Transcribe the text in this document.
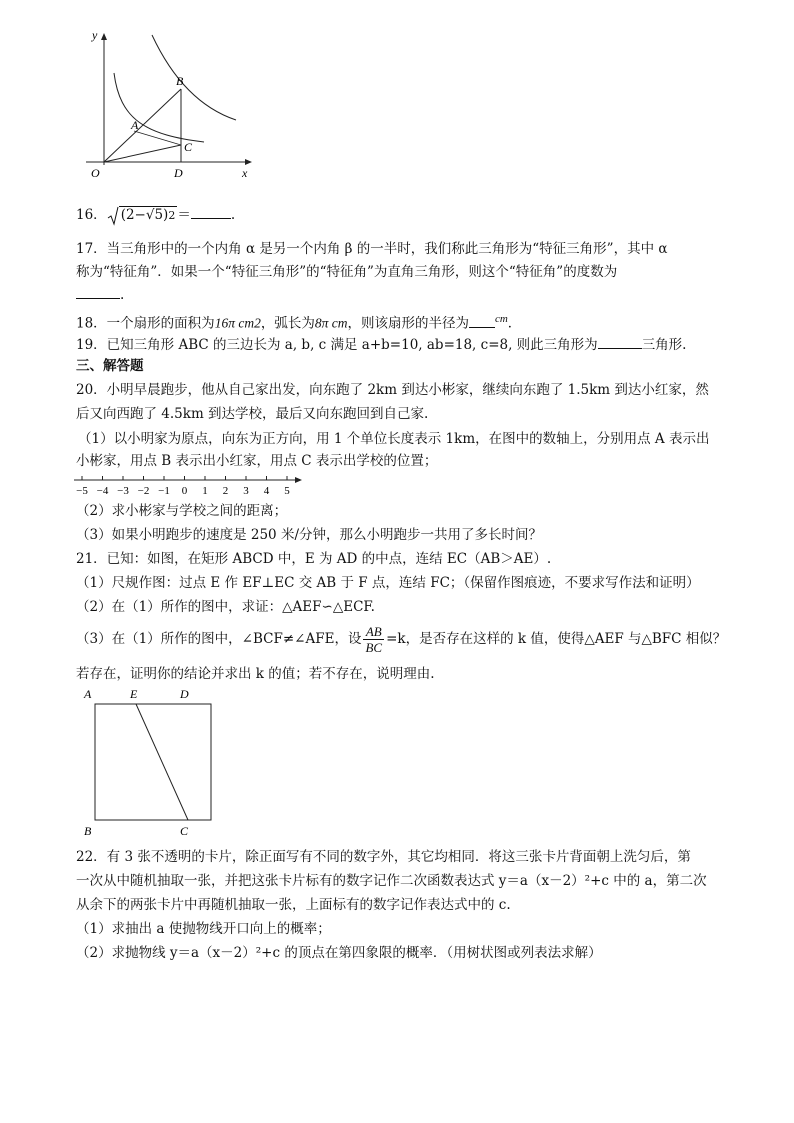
y
x
O
A
B
C
D
16． (2−√5)2 ＝	.
17．当三角形中的一个内角 α 是另一个内角 β 的一半时，我们称此三角形为“特征三角形”，其中 α
称为“特征角”．如果一个“特征三角形”的“特征角”为直角三角形，则这个“特征角”的度数为
.
18．一个扇形的面积为16π cm2，弧长为8π cm，则该扇形的半径为 $^{cm}$．
19．已知三角形 ABC 的三边长为 a, b, c 满足 a+b=10, ab=18, c=8, 则此三角形为	三角形.
三、解答题
20．小明早晨跑步，他从自己家出发，向东跑了 2km 到达小彬家，继续向东跑了 1.5km 到达小红家，然
后又向西跑了 4.5km 到达学校，最后又向东跑回到自己家.
（1）以小明家为原点，向东为正方向，用 1 个单位长度表示 1km，在图中的数轴上，分别用点 A 表示出
小彬家，用点 B 表示出小红家，用点 C 表示出学校的位置；
−5 −4 −3 −2 −1 0 1 2 3 4 5
（2）求小彬家与学校之间的距离；
（3）如果小明跑步的速度是 250 米/分钟，那么小明跑步一共用了多长时间？
21．已知：如图，在矩形 ABCD 中，E 为 AD 的中点，连结 EC（AB＞AE）.
（1）尺规作图：过点 E 作 EF⊥EC 交 AB 于 F 点，连结 FC；（保留作图痕迹，不要求写作法和证明）
（2）在（1）所作的图中，求证：△AEF∽△ECF.
（3）在（1）所作的图中，∠BCF≠∠AFE，设 $\frac{AB}{BC} =k$，是否存在这样的 k 值，使得△AEF 与△BFC 相似？
若存在，证明你的结论并求出 k 的值；若不存在，说明理由.
A	E	D
B	C
22．有 3 张不透明的卡片，除正面写有不同的数字外，其它均相同．将这三张卡片背面朝上洗匀后，第
一次从中随机抽取一张，并把这张卡片标有的数字记作二次函数表达式 y＝a（x－2）²+c 中的 a，第二次
从余下的两张卡片中再随机抽取一张，上面标有的数字记作表达式中的 c.
（1）求抽出 a 使抛物线开口向上的概率；
（2）求抛物线 y＝a（x－2）²+c 的顶点在第四象限的概率．（用树状图或列表法求解）
